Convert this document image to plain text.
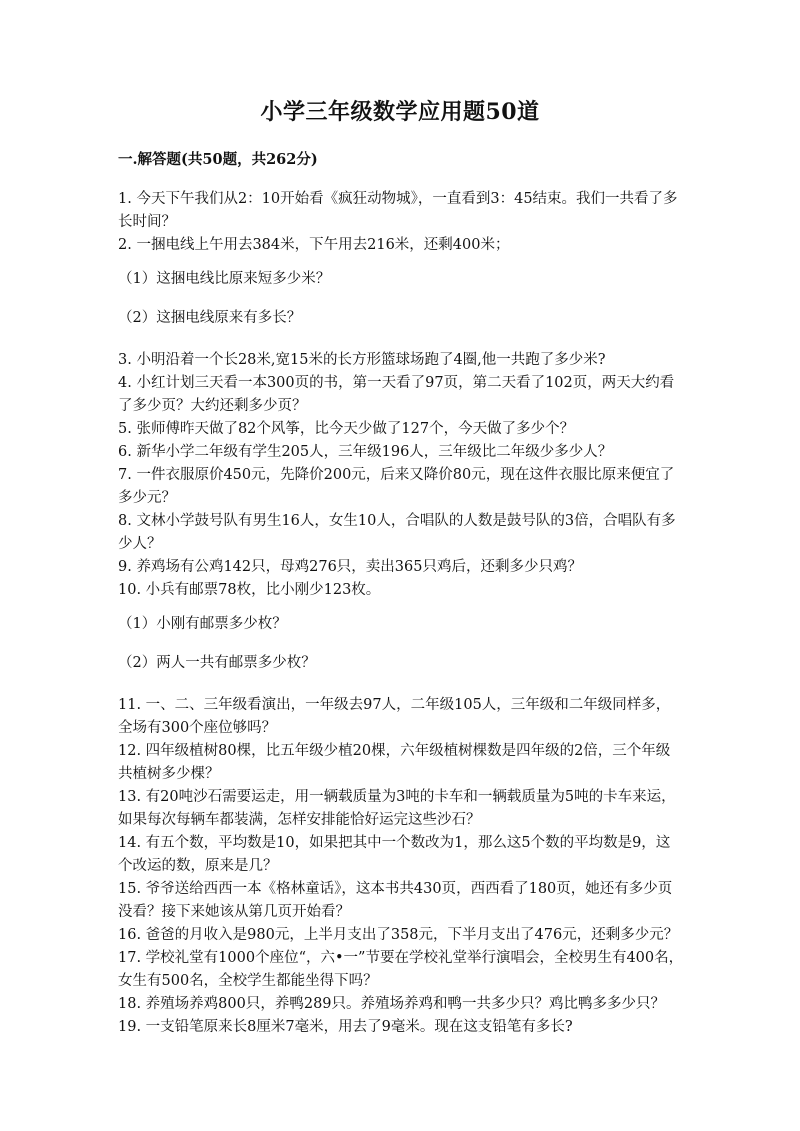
小学三年级数学应用题50道
一.解答题(共50题，共262分)

1. 今天下午我们从2：10开始看《疯狂动物城》，一直看到3：45结束。我们一共看了多长时间？

2. 一捆电线上午用去384米，下午用去216米，还剩400米；

（1）这捆电线比原来短多少米？

（2）这捆电线原来有多长？

3. 小明沿着一个长28米,宽15米的长方形篮球场跑了4圈,他一共跑了多少米?

4. 小红计划三天看一本300页的书，第一天看了97页，第二天看了102页，两天大约看了多少页？大约还剩多少页？

5. 张师傅昨天做了82个风筝，比今天少做了127个，今天做了多少个？

6. 新华小学二年级有学生205人，三年级196人，三年级比二年级少多少人？

7. 一件衣服原价450元，先降价200元，后来又降价80元，现在这件衣服比原来便宜了多少元？

8. 文林小学鼓号队有男生16人，女生10人，合唱队的人数是鼓号队的3倍，合唱队有多少人？

9. 养鸡场有公鸡142只，母鸡276只，卖出365只鸡后，还剩多少只鸡？

10. 小兵有邮票78枚，比小刚少123枚。

（1）小刚有邮票多少枚？

（2）两人一共有邮票多少枚？

11. 一、二、三年级看演出，一年级去97人，二年级105人，三年级和二年级同样多，全场有300个座位够吗？

12. 四年级植树80棵，比五年级少植20棵，六年级植树棵数是四年级的2倍，三个年级共植树多少棵？

13. 有20吨沙石需要运走，用一辆载质量为3吨的卡车和一辆载质量为5吨的卡车来运，如果每次每辆车都装满，怎样安排能恰好运完这些沙石？

14. 有五个数，平均数是10，如果把其中一个数改为1，那么这5个数的平均数是9，这个改运的数，原来是几？

15. 爷爷送给西西一本《格林童话》，这本书共430页，西西看了180页，她还有多少页没看？接下来她该从第几页开始看？

16. 爸爸的月收入是980元，上半月支出了358元，下半月支出了476元，还剩多少元？

17. 学校礼堂有1000个座位“，六•一”节要在学校礼堂举行演唱会，全校男生有400名，女生有500名，全校学生都能坐得下吗？

18. 养殖场养鸡800只，养鸭289只。养殖场养鸡和鸭一共多少只？鸡比鸭多多少只？

19. 一支铅笔原来长8厘米7毫米，用去了9毫米。现在这支铅笔有多长?
